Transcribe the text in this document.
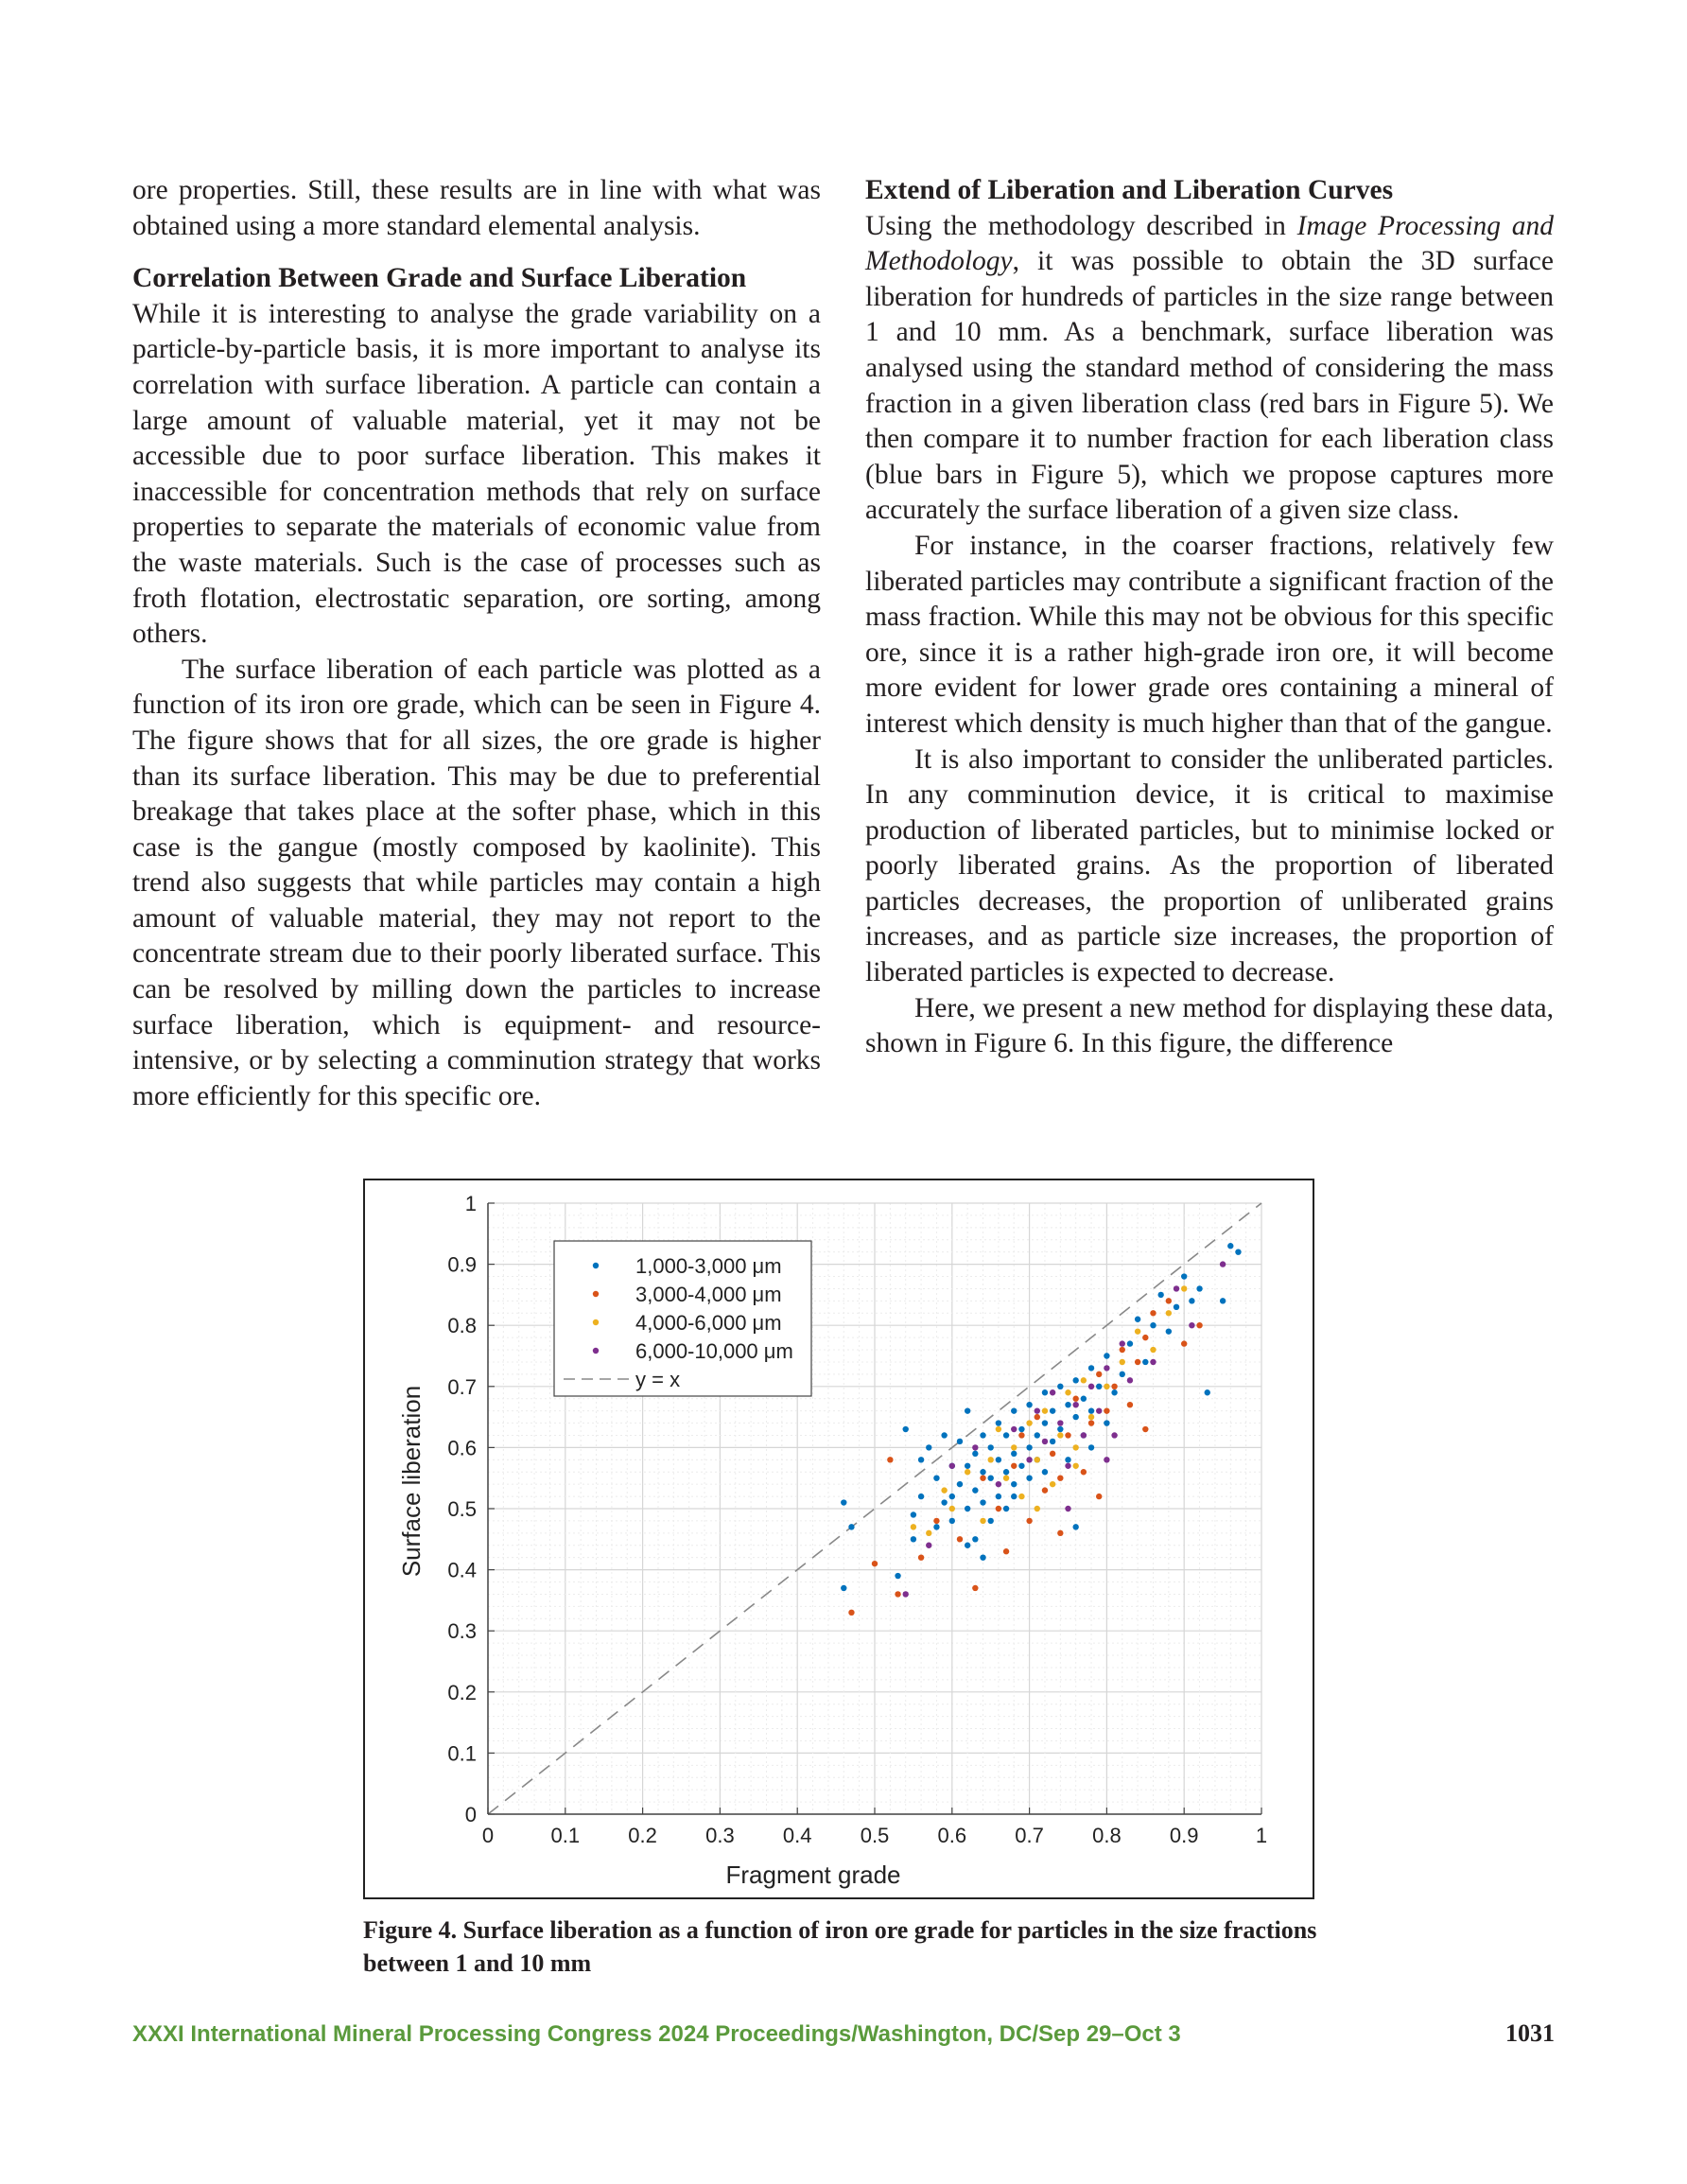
ore properties. Still, these results are in line with what was obtained using a more standard elemental analysis.

Correlation Between Grade and Surface Liberation

While it is interesting to analyse the grade variability on a particle-by-particle basis, it is more important to analyse its correlation with surface liberation. A particle can contain a large amount of valuable material, yet it may not be accessible due to poor surface liberation. This makes it inaccessible for concentration methods that rely on surface properties to separate the materials of economic value from the waste materials. Such is the case of processes such as froth flotation, electrostatic separation, ore sorting, among others.

The surface liberation of each particle was plotted as a function of its iron ore grade, which can be seen in Figure 4. The figure shows that for all sizes, the ore grade is higher than its surface liberation. This may be due to preferential breakage that takes place at the softer phase, which in this case is the gangue (mostly composed by kaolinite). This trend also suggests that while particles may contain a high amount of valuable material, they may not report to the concentrate stream due to their poorly liberated surface. This can be resolved by milling down the particles to increase surface liberation, which is equipment- and resource-intensive, or by selecting a comminution strategy that works more efficiently for this specific ore.

Extend of Liberation and Liberation Curves

Using the methodology described in Image Processing and Methodology, it was possible to obtain the 3D surface liberation for hundreds of particles in the size range between 1 and 10 mm. As a benchmark, surface liberation was analysed using the standard method of considering the mass fraction in a given liberation class (red bars in Figure 5). We then compare it to number fraction for each liberation class (blue bars in Figure 5), which we propose captures more accurately the surface liberation of a given size class.

For instance, in the coarser fractions, relatively few liberated particles may contribute a significant fraction of the mass fraction. While this may not be obvious for this specific ore, since it is a rather high-grade iron ore, it will become more evident for lower grade ores containing a mineral of interest which density is much higher than that of the gangue.

It is also important to consider the unliberated particles. In any comminution device, it is critical to maximise production of liberated particles, but to minimise locked or poorly liberated grains. As the proportion of liberated particles decreases, the proportion of unliberated grains increases, and as particle size increases, the proportion of liberated particles is expected to decrease.

Here, we present a new method for displaying these data, shown in Figure 6. In this figure, the difference

0	0.1 0.2 0.3 0.4 0.5 0.6 0.7 0.8 0.9	1
0
0.1
0.2
0.3
0.4
0.5
0.6
0.7
0.8
0.9
1
1,000-3,000 μm
3,000-4,000 μm
4,000-6,000 μm
6,000-10,000 μm
y = x
Fragment grade
Surface liberation
Figure 4. Surface liberation as a function of iron ore grade for particles in the size fractions between 1 and 10 mm
XXXI International Mineral Processing Congress 2024 Proceedings/Washington, DC/Sep 29–Oct 3	1031
